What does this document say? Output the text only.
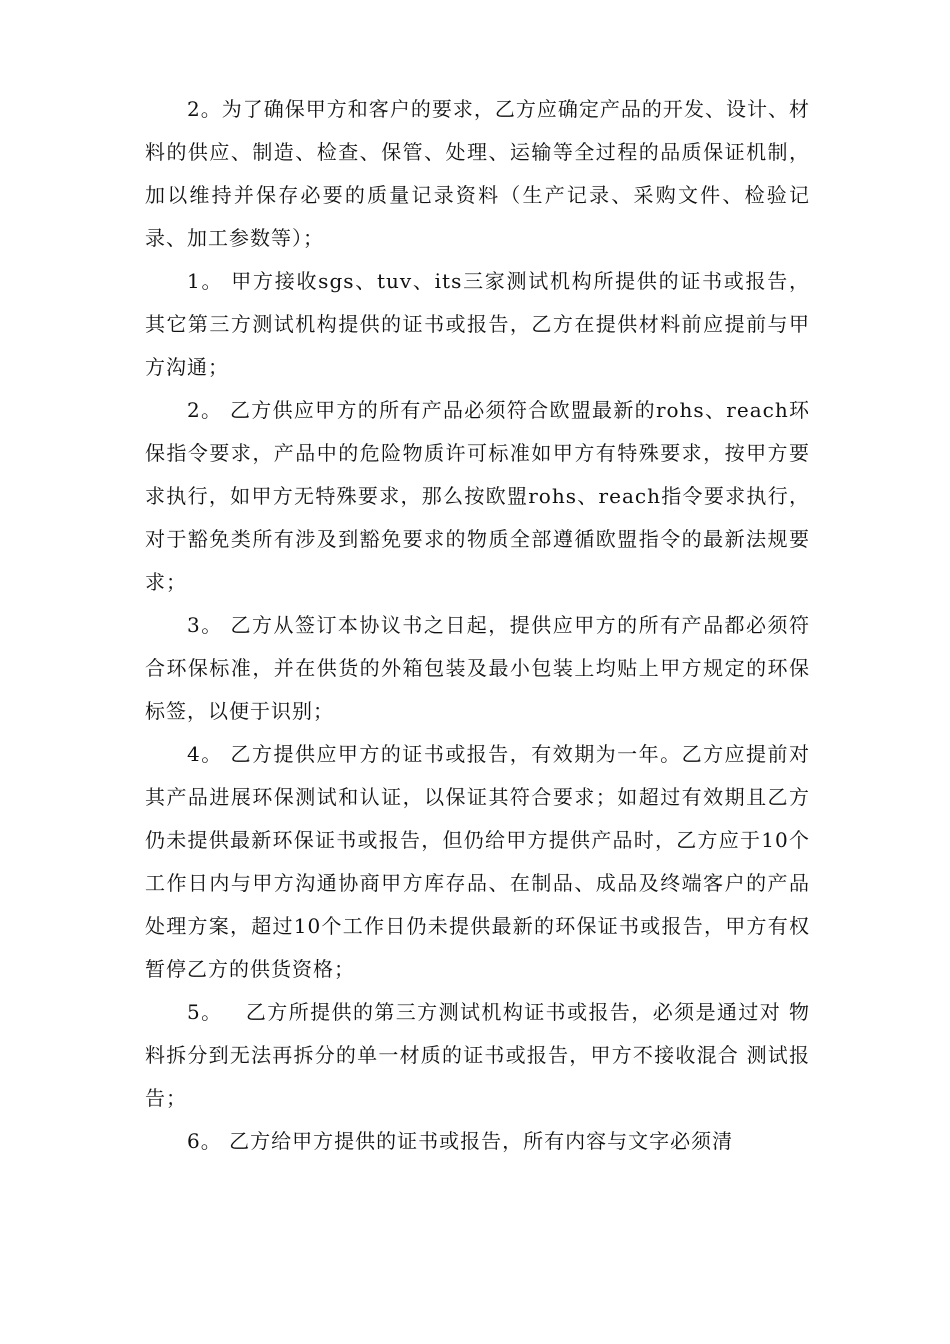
2。为了确保甲方和客户的要求，乙方应确定产品的开发、设计、材料的供应、制造、检查、保管、处理、运输等全过程的品质保证机制，加以维持并保存必要的质量记录资料（生产记录、采购文件、检验记录、加工参数等）；

1。 甲方接收sgs、tuv、its三家测试机构所提供的证书或报告，其它第三方测试机构提供的证书或报告，乙方在提供材料前应提前与甲方沟通；

2。 乙方供应甲方的所有产品必须符合欧盟最新的rohs、reach环保指令要求，产品中的危险物质许可标准如甲方有特殊要求，按甲方要求执行，如甲方无特殊要求，那么按欧盟rohs、reach指令要求执行，对于豁免类所有涉及到豁免要求的物质全部遵循欧盟指令的最新法规要求；

3。 乙方从签订本协议书之日起，提供应甲方的所有产品都必须符合环保标准，并在供货的外箱包装及最小包装上均贴上甲方规定的环保标签，以便于识别；

4。 乙方提供应甲方的证书或报告，有效期为一年。乙方应提前对其产品进展环保测试和认证，以保证其符合要求；如超过有效期且乙方仍未提供最新环保证书或报告，但仍给甲方提供产品时，乙方应于10个工作日内与甲方沟通协商甲方库存品、在制品、成品及终端客户的产品处理方案，超过10个工作日仍未提供最新的环保证书或报告，甲方有权暂停乙方的供货资格；

5。   乙方所提供的第三方测试机构证书或报告，必须是通过对 物料拆分到无法再拆分的单一材质的证书或报告，甲方不接收混合 测试报告；

6。 乙方给甲方提供的证书或报告，所有内容与文字必须清
